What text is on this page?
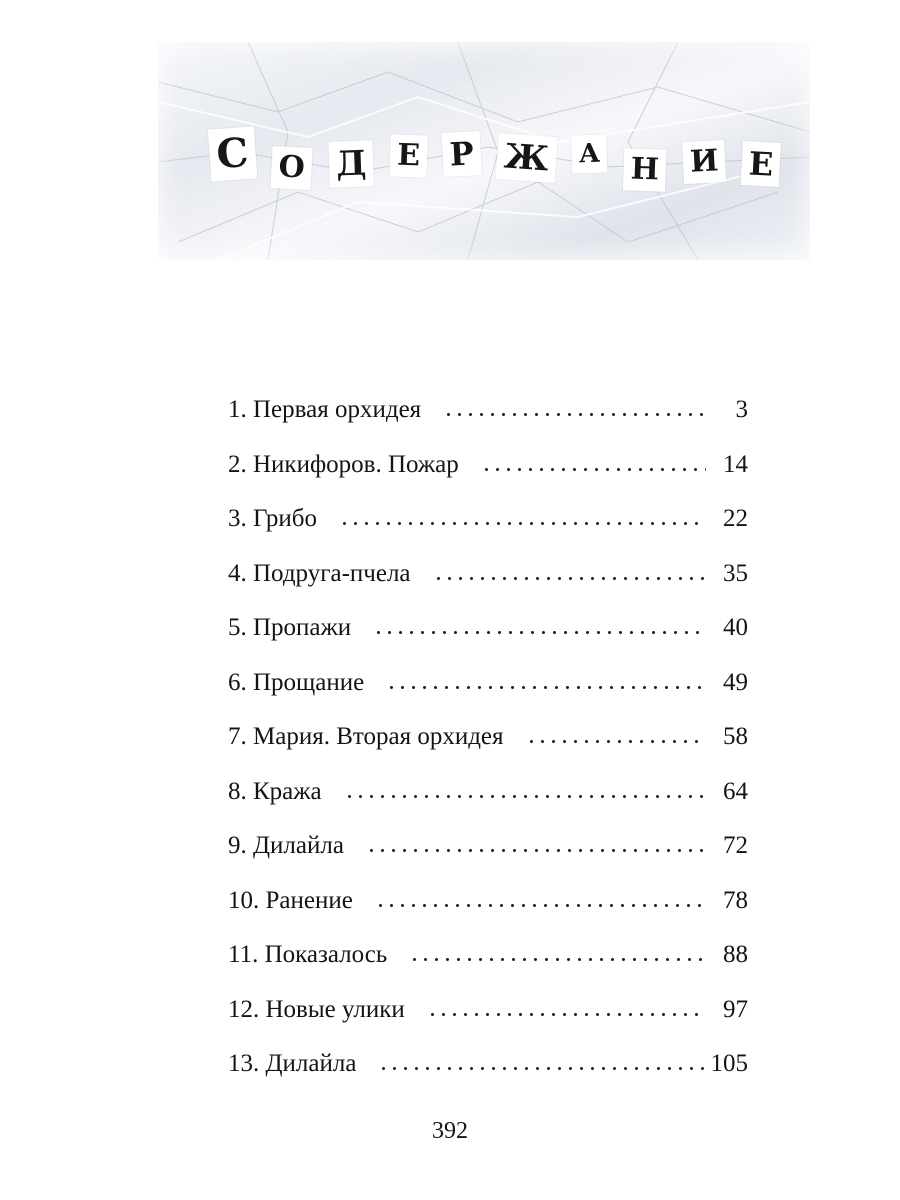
С О Д Е Р Ж А Н И Е
1. Первая орхидея	3
2. Никифоров. Пожар	14
3. Грибо	22
4. Подруга-пчела	35
5. Пропажи	40
6. Прощание	49
7. Мария. Вторая орхидея	58
8. Кража	64
9. Дилайла	72
10. Ранение	78
11. Показалось	88
12. Новые улики	97
13. Дилайла	105
392
